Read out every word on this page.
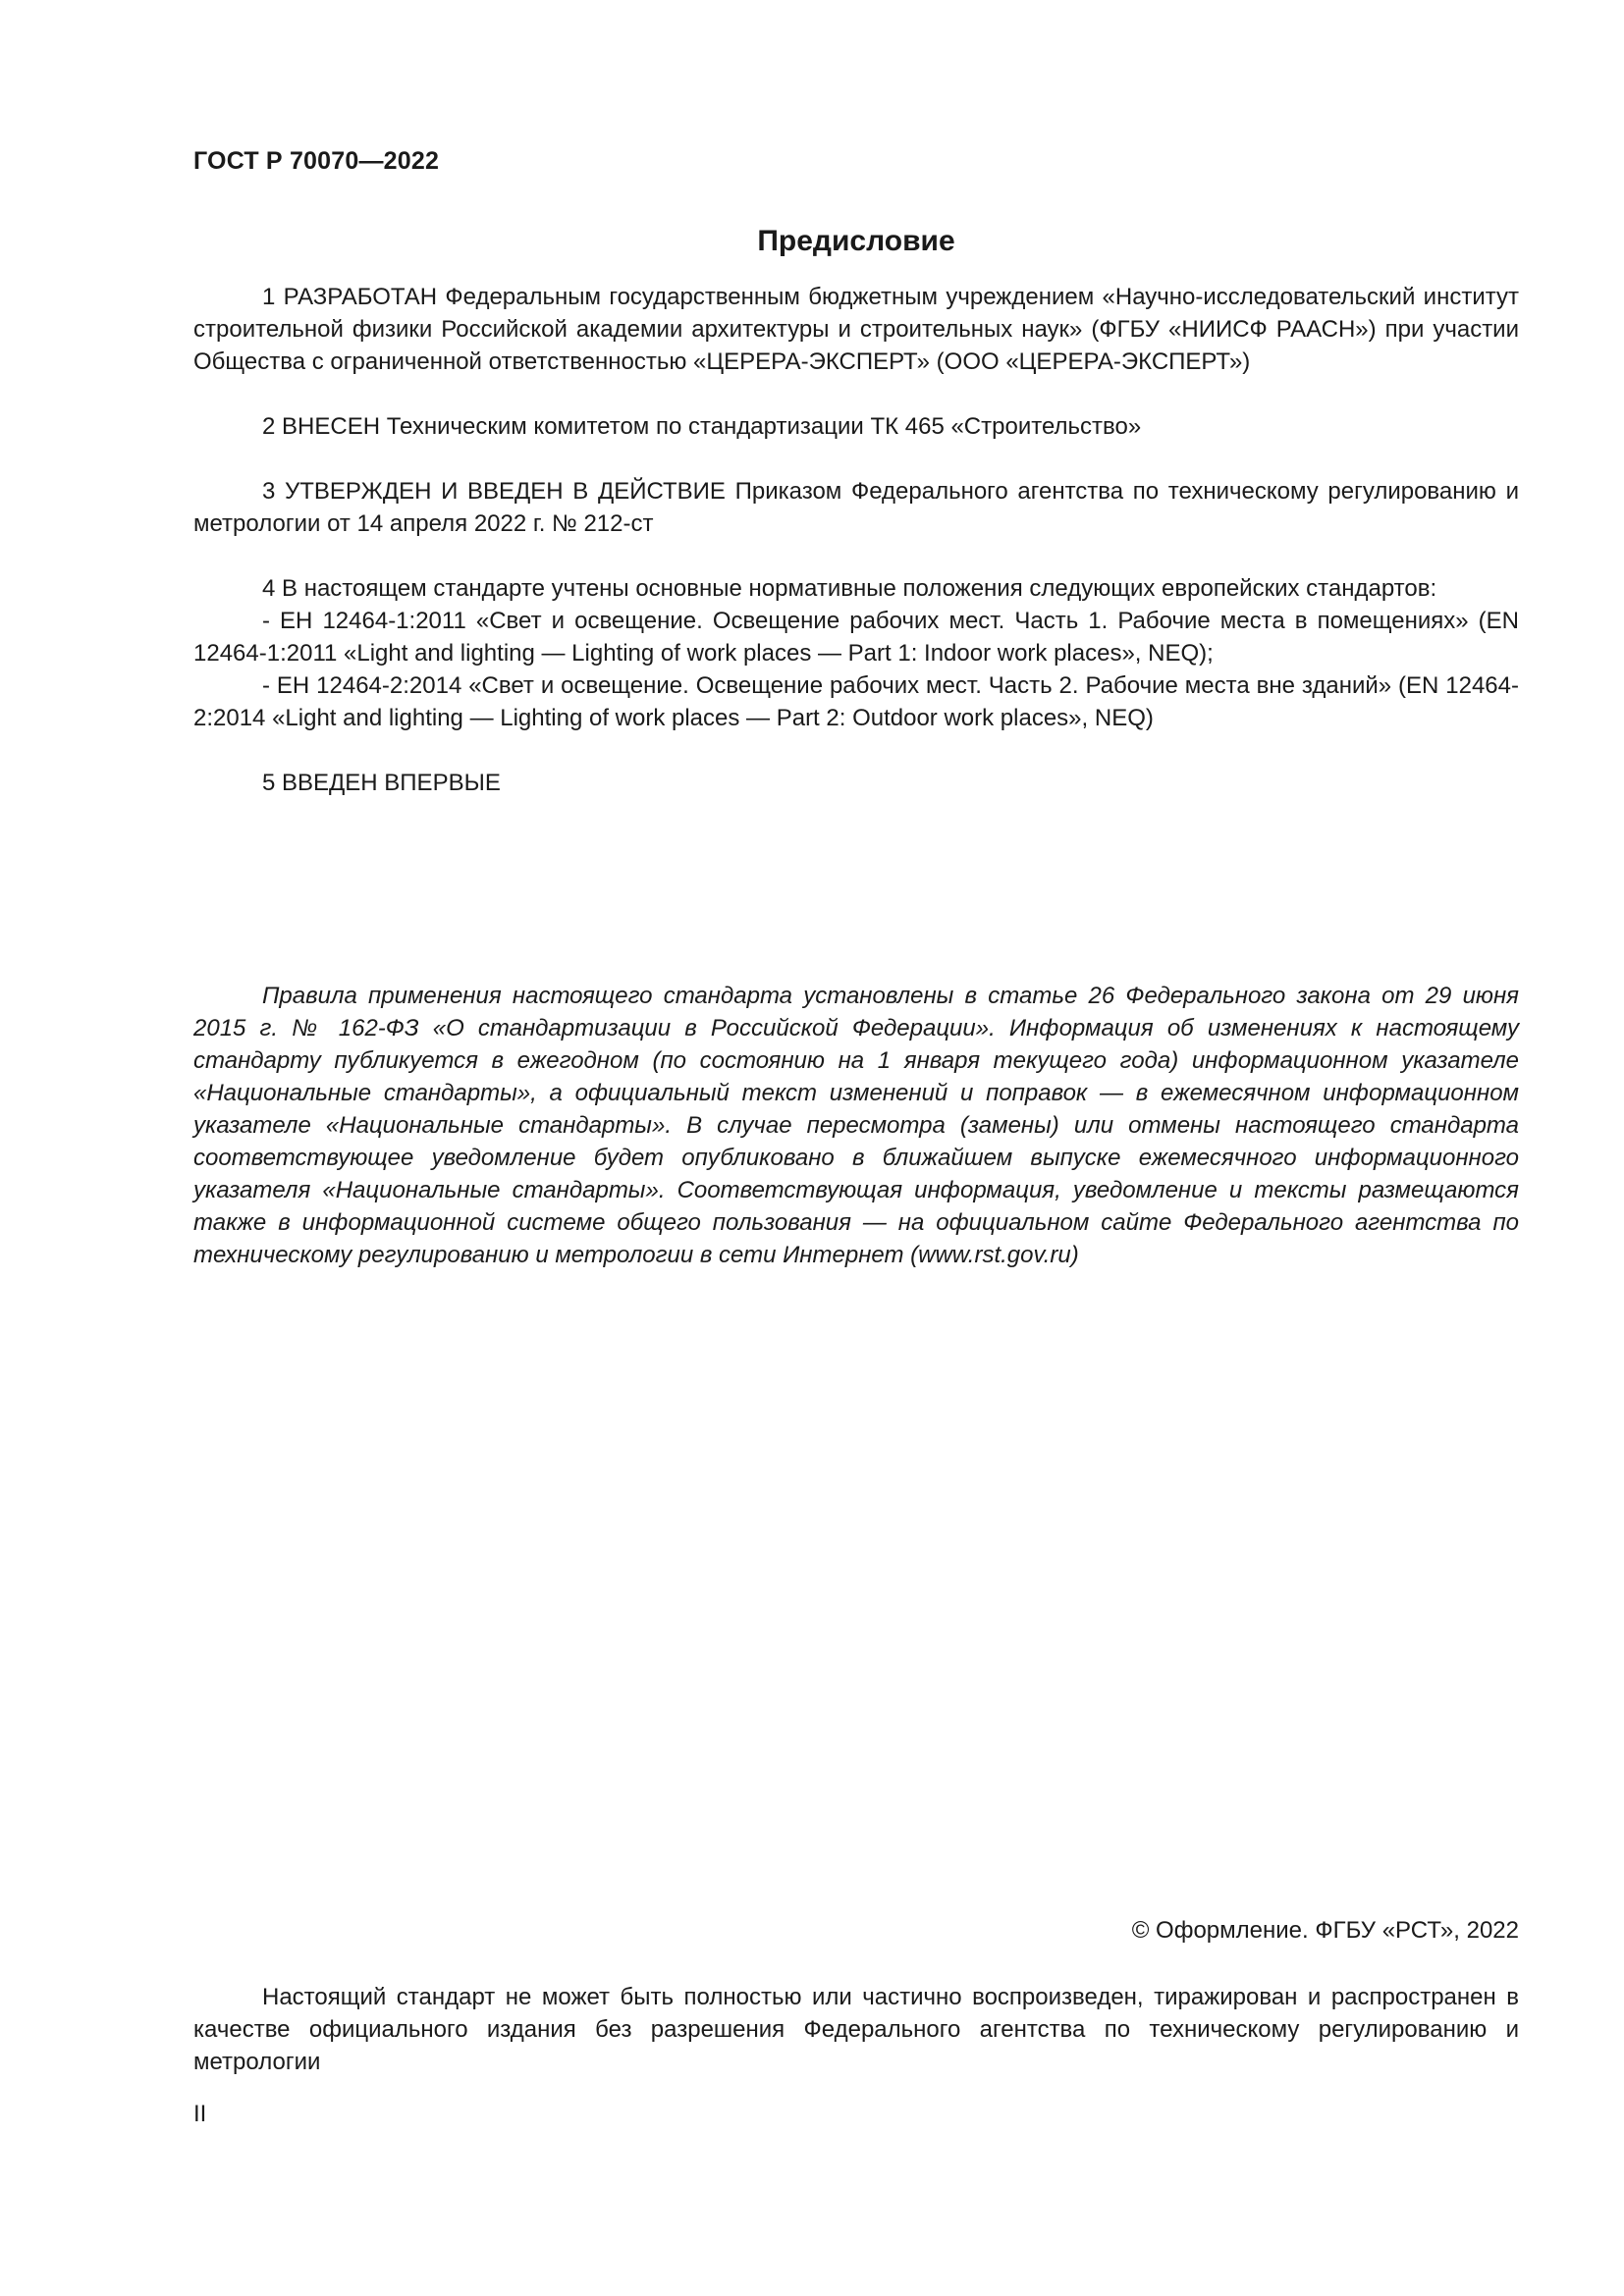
ГОСТ Р 70070—2022
Предисловие

1 РАЗРАБОТАН Федеральным государственным бюджетным учреждением «Научно-исследовательский институт строительной физики Российской академии архитектуры и строительных наук» (ФГБУ «НИИСФ РААСН») при участии Общества с ограниченной ответственностью «ЦЕРЕРА-ЭКСПЕРТ» (ООО «ЦЕРЕРА-ЭКСПЕРТ»)

2 ВНЕСЕН Техническим комитетом по стандартизации ТК 465 «Строительство»

3 УТВЕРЖДЕН И ВВЕДЕН В ДЕЙСТВИЕ Приказом Федерального агентства по техническому регулированию и метрологии от 14 апреля 2022 г. № 212-ст

4 В настоящем стандарте учтены основные нормативные положения следующих европейских стандартов:

- ЕН 12464-1:2011 «Свет и освещение. Освещение рабочих мест. Часть 1. Рабочие места в помещениях» (EN 12464-1:2011 «Light and lighting — Lighting of work places — Part 1: Indoor work places», NEQ);

- ЕН 12464-2:2014 «Свет и освещение. Освещение рабочих мест. Часть 2. Рабочие места вне зданий» (EN 12464-2:2014 «Light and lighting — Lighting of work places — Part 2: Outdoor work places», NEQ)

5 ВВЕДЕН ВПЕРВЫЕ

Правила применения настоящего стандарта установлены в статье 26 Федерального закона от 29 июня 2015 г. № 162-ФЗ «О стандартизации в Российской Федерации». Информация об изменениях к настоящему стандарту публикуется в ежегодном (по состоянию на 1 января текущего года) информационном указателе «Национальные стандарты», а официальный текст изменений и поправок — в ежемесячном информационном указателе «Национальные стандарты». В случае пересмотра (замены) или отмены настоящего стандарта соответствующее уведомление будет опубликовано в ближайшем выпуске ежемесячного информационного указателя «Национальные стандарты». Соответствующая информация, уведомление и тексты размещаются также в информационной системе общего пользования — на официальном сайте Федерального агентства по техническому регулированию и метрологии в сети Интернет (www.rst.gov.ru)

© Оформление. ФГБУ «РСТ», 2022

Настоящий стандарт не может быть полностью или частично воспроизведен, тиражирован и распространен в качестве официального издания без разрешения Федерального агентства по техническому регулированию и метрологии

II
